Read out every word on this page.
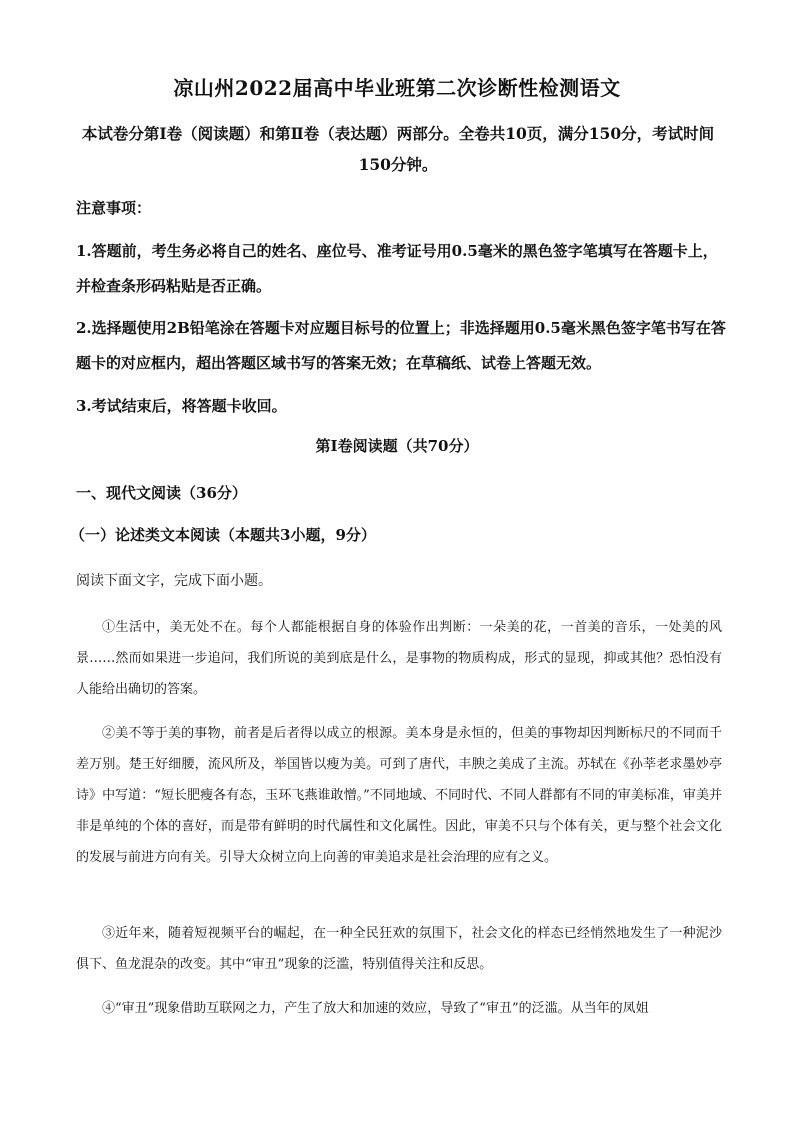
凉山州2022届高中毕业班第二次诊断性检测语文
本试卷分第Ⅰ卷（阅读题）和第Ⅱ卷（表达题）两部分。全卷共10页，满分150分，考试时间150分钟。
注意事项：
1.答题前，考生务必将自己的姓名、座位号、准考证号用0.5毫米的黑色签字笔填写在答题卡上，并检查条形码粘贴是否正确。
2.选择题使用2B铅笔涂在答题卡对应题目标号的位置上；非选择题用0.5毫米黑色签字笔书写在答题卡的对应框内，超出答题区域书写的答案无效；在草稿纸、试卷上答题无效。
3.考试结束后，将答题卡收回。
第Ⅰ卷阅读题（共70分）
一、现代文阅读（36分）
（一）论述类文本阅读（本题共3小题，9分）
阅读下面文字，完成下面小题。
①生活中，美无处不在。每个人都能根据自身的体验作出判断：一朵美的花，一首美的音乐，一处美的风景……然而如果进一步追问，我们所说的美到底是什么，是事物的物质构成，形式的显现，抑或其他？恐怕没有人能给出确切的答案。
②美不等于美的事物，前者是后者得以成立的根源。美本身是永恒的，但美的事物却因判断标尺的不同而千差万别。楚王好细腰，流风所及，举国皆以瘦为美。可到了唐代，丰腴之美成了主流。苏轼在《孙莘老求墨妙亭诗》中写道：“短长肥瘦各有态，玉环飞燕谁敢憎。”不同地域、不同时代、不同人群都有不同的审美标准，审美并非是单纯的个体的喜好，而是带有鲜明的时代属性和文化属性。因此，审美不只与个体有关，更与整个社会文化的发展与前进方向有关。引导大众树立向上向善的审美追求是社会治理的应有之义。
③近年来，随着短视频平台的崛起，在一种全民狂欢的氛围下，社会文化的样态已经悄然地发生了一种泥沙俱下、鱼龙混杂的改变。其中“审丑”现象的泛滥，特别值得关注和反思。
④“审丑”现象借助互联网之力，产生了放大和加速的效应，导致了“审丑”的泛滥。从当年的凤姐
